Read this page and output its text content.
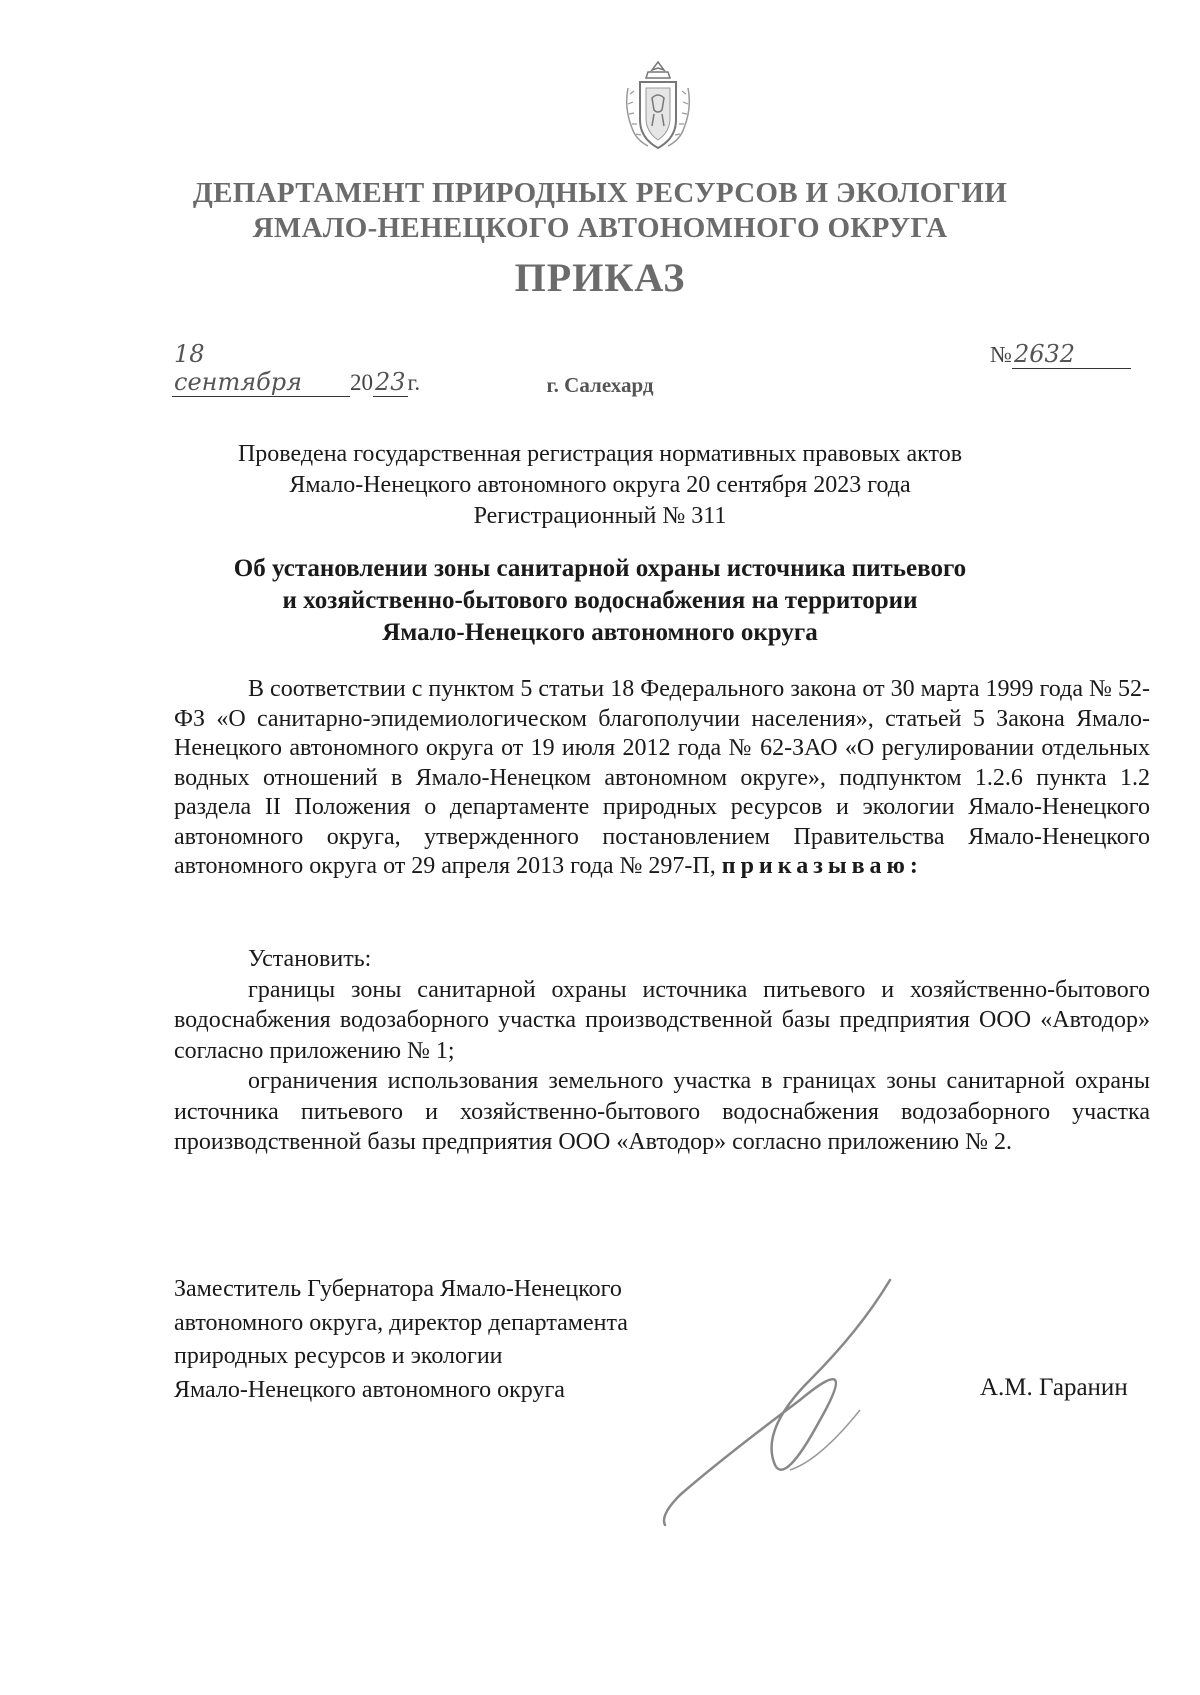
ДЕПАРТАМЕНТ ПРИРОДНЫХ РЕСУРСОВ И ЭКОЛОГИИ
ЯМАЛО-НЕНЕЦКОГО АВТОНОМНОГО ОКРУГА
ПРИКАЗ
18 сентября 2023г.
№2632
г. Салехард
Проведена государственная регистрация нормативных правовых актов
Ямало-Ненецкого автономного округа 20 сентября 2023 года
Регистрационный № 311
Об установлении зоны санитарной охраны источника питьевого
и хозяйственно-бытового водоснабжения на территории
Ямало-Ненецкого автономного округа

В соответствии с пунктом 5 статьи 18 Федерального закона от 30 марта 1999 года № 52-ФЗ «О санитарно-эпидемиологическом благополучии населения», статьей 5 Закона Ямало-Ненецкого автономного округа от 19 июля 2012 года № 62-ЗАО «О регулировании отдельных водных отношений в Ямало-Ненецком автономном округе», подпунктом 1.2.6 пункта 1.2 раздела II Положения о департаменте природных ресурсов и экологии Ямало-Ненецкого автономного округа, утвержденного постановлением Правительства Ямало-Ненецкого автономного округа от 29 апреля 2013 года № 297-П, приказываю:

Установить:

границы зоны санитарной охраны источника питьевого и хозяйственно-бытового водоснабжения водозаборного участка производственной базы предприятия ООО «Автодор» согласно приложению № 1;

ограничения использования земельного участка в границах зоны санитарной охраны источника питьевого и хозяйственно-бытового водоснабжения водозаборного участка производственной базы предприятия ООО «Автодор» согласно приложению № 2.

Заместитель Губернатора Ямало-Ненецкого
автономного округа, директор департамента
природных ресурсов и экологии
Ямало-Ненецкого автономного округа	А.М. Гаранин
